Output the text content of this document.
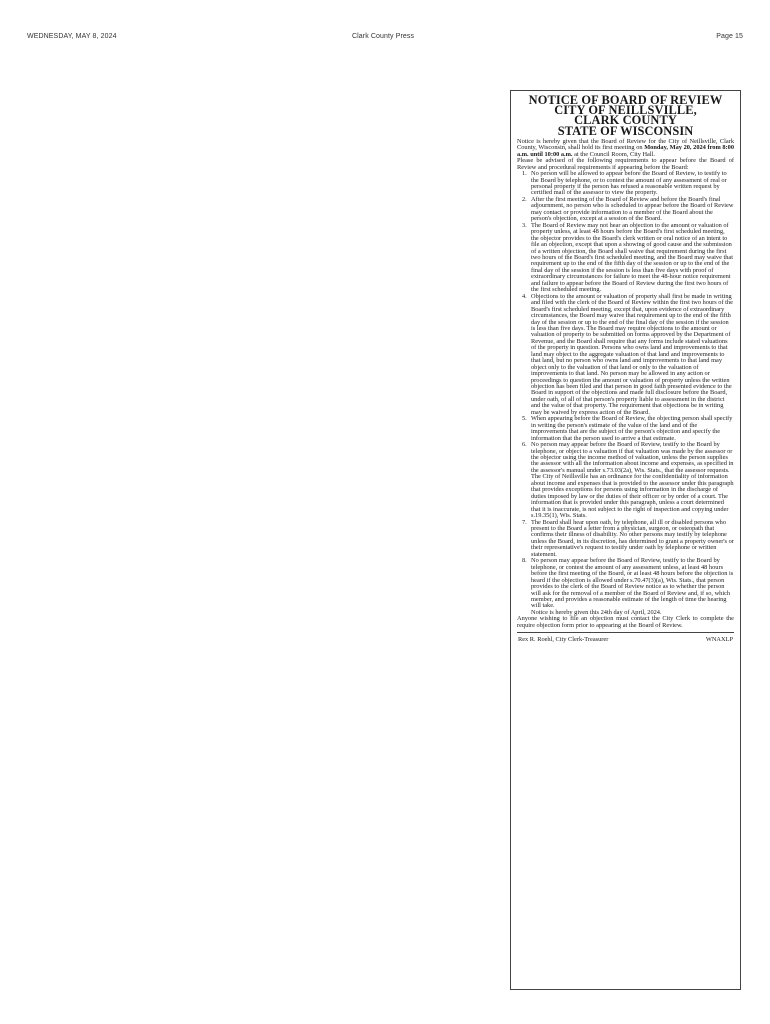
WEDNESDAY, MAY 8, 2024	Clark County Press	Page 15
NOTICE OF BOARD OF REVIEW
CITY OF NEILLSVILLE,
CLARK COUNTY
STATE OF WISCONSIN

Notice is hereby given that the Board of Review for the City of Neillsville, Clark County, Wisconsin, shall hold its first meeting on Monday, May 20, 2024 from 8:00 a.m. until 10:00 a.m. at the Council Room, City Hall.

Please be advised of the following requirements to appear before the Board of Review and procedural requirements if appearing before the Board:

1. No person will be allowed to appear before the Board of Review, to testify to the Board by telephone, or to contest the amount of any assessment of real or personal property if the person has refused a reasonable written request by certified mail of the assessor to view the property.
2. After the first meeting of the Board of Review and before the Board's final adjournment, no person who is scheduled to appear before the Board of Review may contact or provide information to a member of the Board about the person's objection, except at a session of the Board.
3. The Board of Review may not hear an objection to the amount or valuation of property unless, at least 48 hours before the Board's first scheduled meeting, the objector provides to the Board's clerk written or oral notice of an intent to file an objection, except that upon a showing of good cause and the submission of a written objection, the Board shall waive that requirement during the first two hours of the Board's first scheduled meeting, and the Board may waive that requirement up to the end of the fifth day of the session or up to the end of the final day of the session if the session is less than five days with proof of extraordinary circumstances for failure to meet the 48-hour notice requirement and failure to appear before the Board of Review during the first two hours of the first scheduled meeting.
4. Objections to the amount or valuation of property shall first be made in writing and filed with the clerk of the Board of Review within the first two hours of the Board's first scheduled meeting, except that, upon evidence of extraordinary circumstances, the Board may waive that requirement up to the end of the fifth day of the session or up to the end of the final day of the session if the session is less than five days. The Board may require objections to the amount or valuation of property to be submitted on forms approved by the Department of Revenue, and the Board shall require that any forms include stated valuations of the property in question. Persons who owns land and improvements to that land may object to the aggregate valuation of that land and improvements to that land, but no person who owns land and improvements to that land may object only to the valuation of that land or only to the valuation of improvements to that land. No person may be allowed in any action or proceedings to question the amount or valuation of property unless the written objection has been filed and that person in good faith presented evidence to the Board in support of the objections and made full disclosure before the Board, under oath, of all of that person's property liable to assessment in the district and the value of that property. The requirement that objections be in writing may be waived by express action of the Board.
5. When appearing before the Board of Review, the objecting person shall specify in writing the person's estimate of the value of the land and of the improvements that are the subject of the person's objection and specify the information that the person used to arrive a that estimate.
6. No person may appear before the Board of Review, testify to the Board by telephone, or object to a valuation if that valuation was made by the assessor or the objector using the income method of valuation, unless the person supplies the assessor with all the information about income and expenses, as specified in the assessor's manual under s.73.03(2a), Wis. Stats., that the assessor requests. The City of Neillsville has an ordinance for the confidentiality of information about income and expenses that is provided to the assessor under this paragraph that provides exceptions for persons using information in the discharge of duties imposed by law or the duties of their officer or by order of a court. The information that is provided under this paragraph, unless a court determined that it is inaccurate, is not subject to the right of inspection and copying under s.19.35(1), Wis. Stats.
7. The Board shall hear upon oath, by telephone, all ill or disabled persons who present to the Board a letter from a physician, surgeon, or osteopath that confirms their illness of disability. No other persons may testify by telephone unless the Board, in its discretion, has determined to grant a property owner's or their representative's request to testify under oath by telephone or written statement.
8. No person may appear before the Board of Review, testify to the Board by telephone, or contest the amount of any assessment unless, at least 48 hours before the first meeting of the Board, or at least 48 hours before the objection is heard if the objection is allowed under s.70.47(3)(a), Wis. Stats., that person provides to the clerk of the Board of Review notice as to whether the person will ask for the removal of a member of the Board of Review and, if so, which member, and provides a reasonable estimate of the length of time the hearing will take.

Notice is hereby given this 24th day of April, 2024.

Anyone wishing to file an objection must contact the City Clerk to complete the require objection form prior to appearing at the Board of Review.

Rex R. Roehl, City Clerk-Treasurer	WNAXLP
